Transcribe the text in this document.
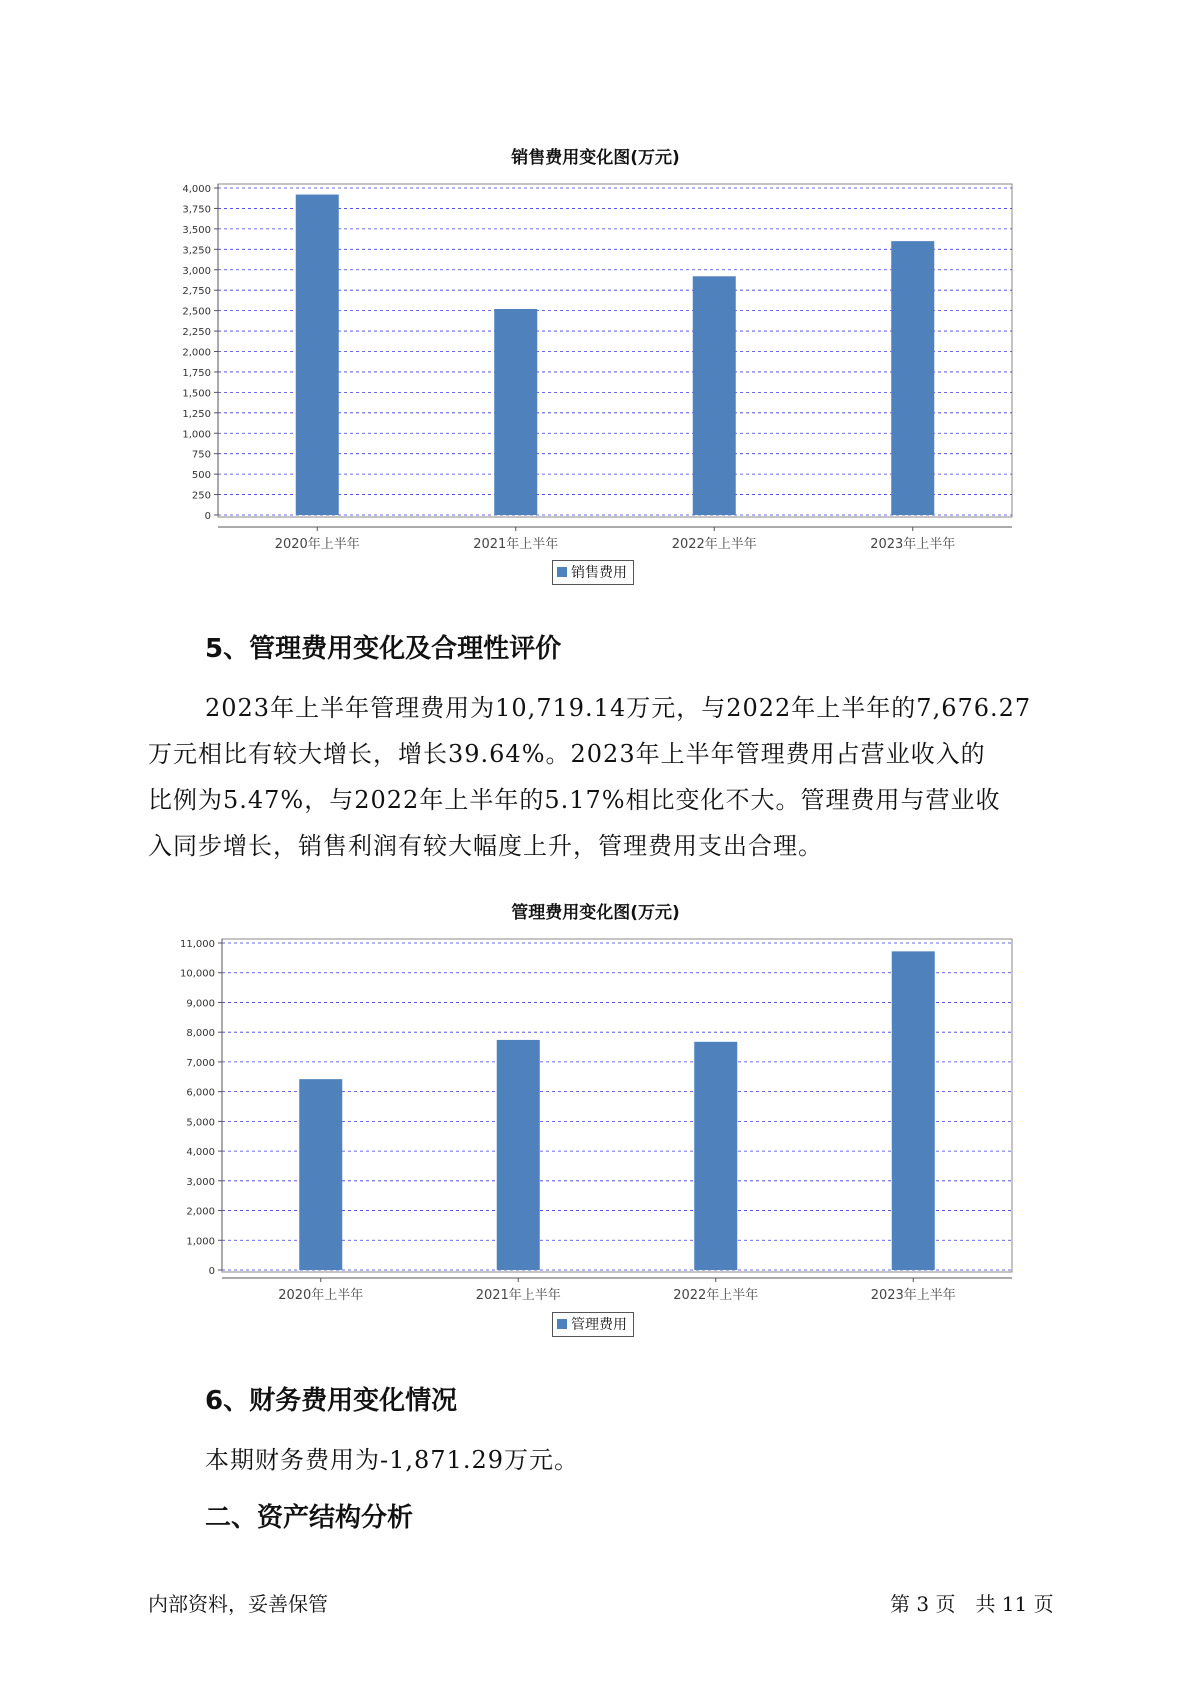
销售费用变化图(万元)
0
250
500
750
1,000
1,250
1,500
1,750
2,000
2,250
2,500
2,750
3,000
3,250
3,500
3,750
4,000
2020年上半年	2021年上半年	2022年上半年	2023年上半年
销售费用
5、管理费用变化及合理性评价
2023年上半年管理费用为10,719.14万元，与2022年上半年的7,676.27
万元相比有较大增长，增长39.64%。2023年上半年管理费用占营业收入的
比例为5.47%，与2022年上半年的5.17%相比变化不大。管理费用与营业收
入同步增长，销售利润有较大幅度上升，管理费用支出合理。
管理费用变化图(万元)
0
1,000
2,000
3,000
4,000
5,000
6,000
7,000
8,000
9,000
10,000
11,000
2020年上半年	2021年上半年	2022年上半年	2023年上半年
管理费用
6、财务费用变化情况
本期财务费用为-1,871.29万元。
二、资产结构分析
内部资料，妥善保管	第 3 页　共 11 页
